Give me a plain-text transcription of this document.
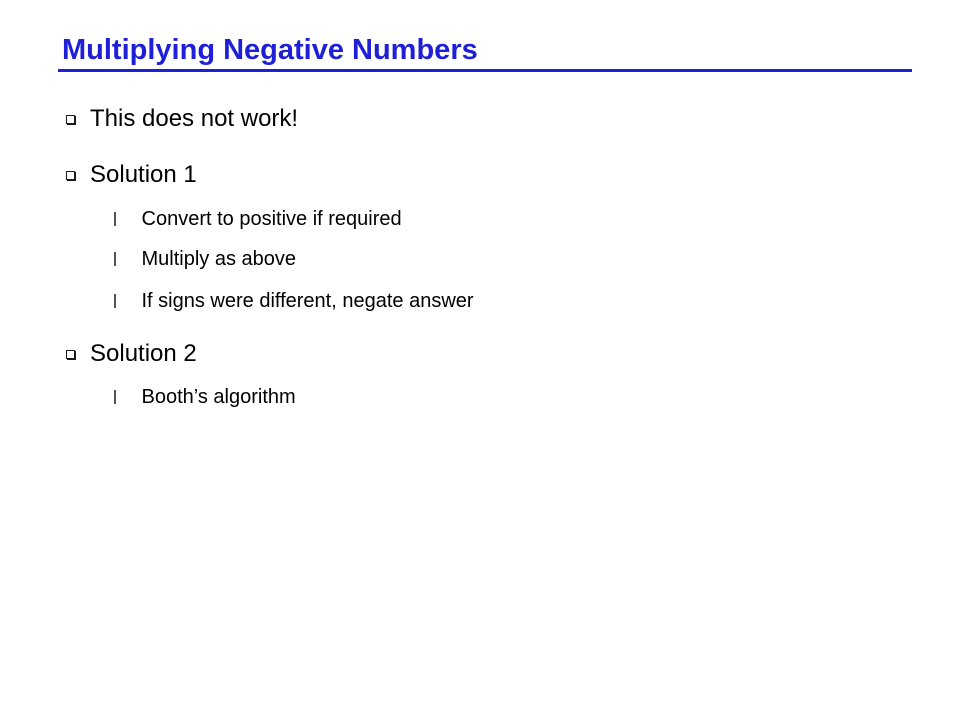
Multiplying Negative Numbers
This does not work!
Solution 1
Convert to positive if required
Multiply as above
If signs were different, negate answer
Solution 2
Booth’s algorithm
